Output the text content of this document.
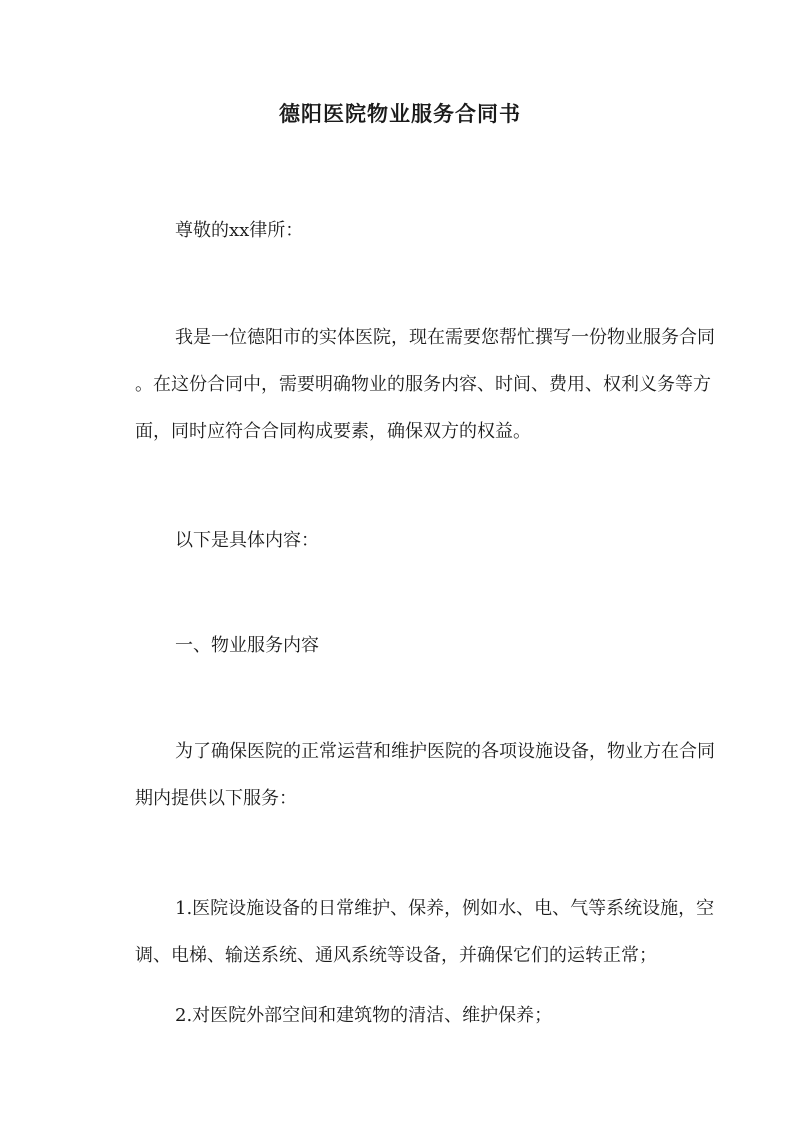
德阳医院物业服务合同书
尊敬的xx律所：
我是一位德阳市的实体医院，现在需要您帮忙撰写一份物业服务合同
。在这份合同中，需要明确物业的服务内容、时间、费用、权利义务等方
面，同时应符合合同构成要素，确保双方的权益。
以下是具体内容：
一、物业服务内容
为了确保医院的正常运营和维护医院的各项设施设备，物业方在合同
期内提供以下服务：
1.医院设施设备的日常维护、保养，例如水、电、气等系统设施，空
调、电梯、输送系统、通风系统等设备，并确保它们的运转正常；
2.对医院外部空间和建筑物的清洁、维护保养；
